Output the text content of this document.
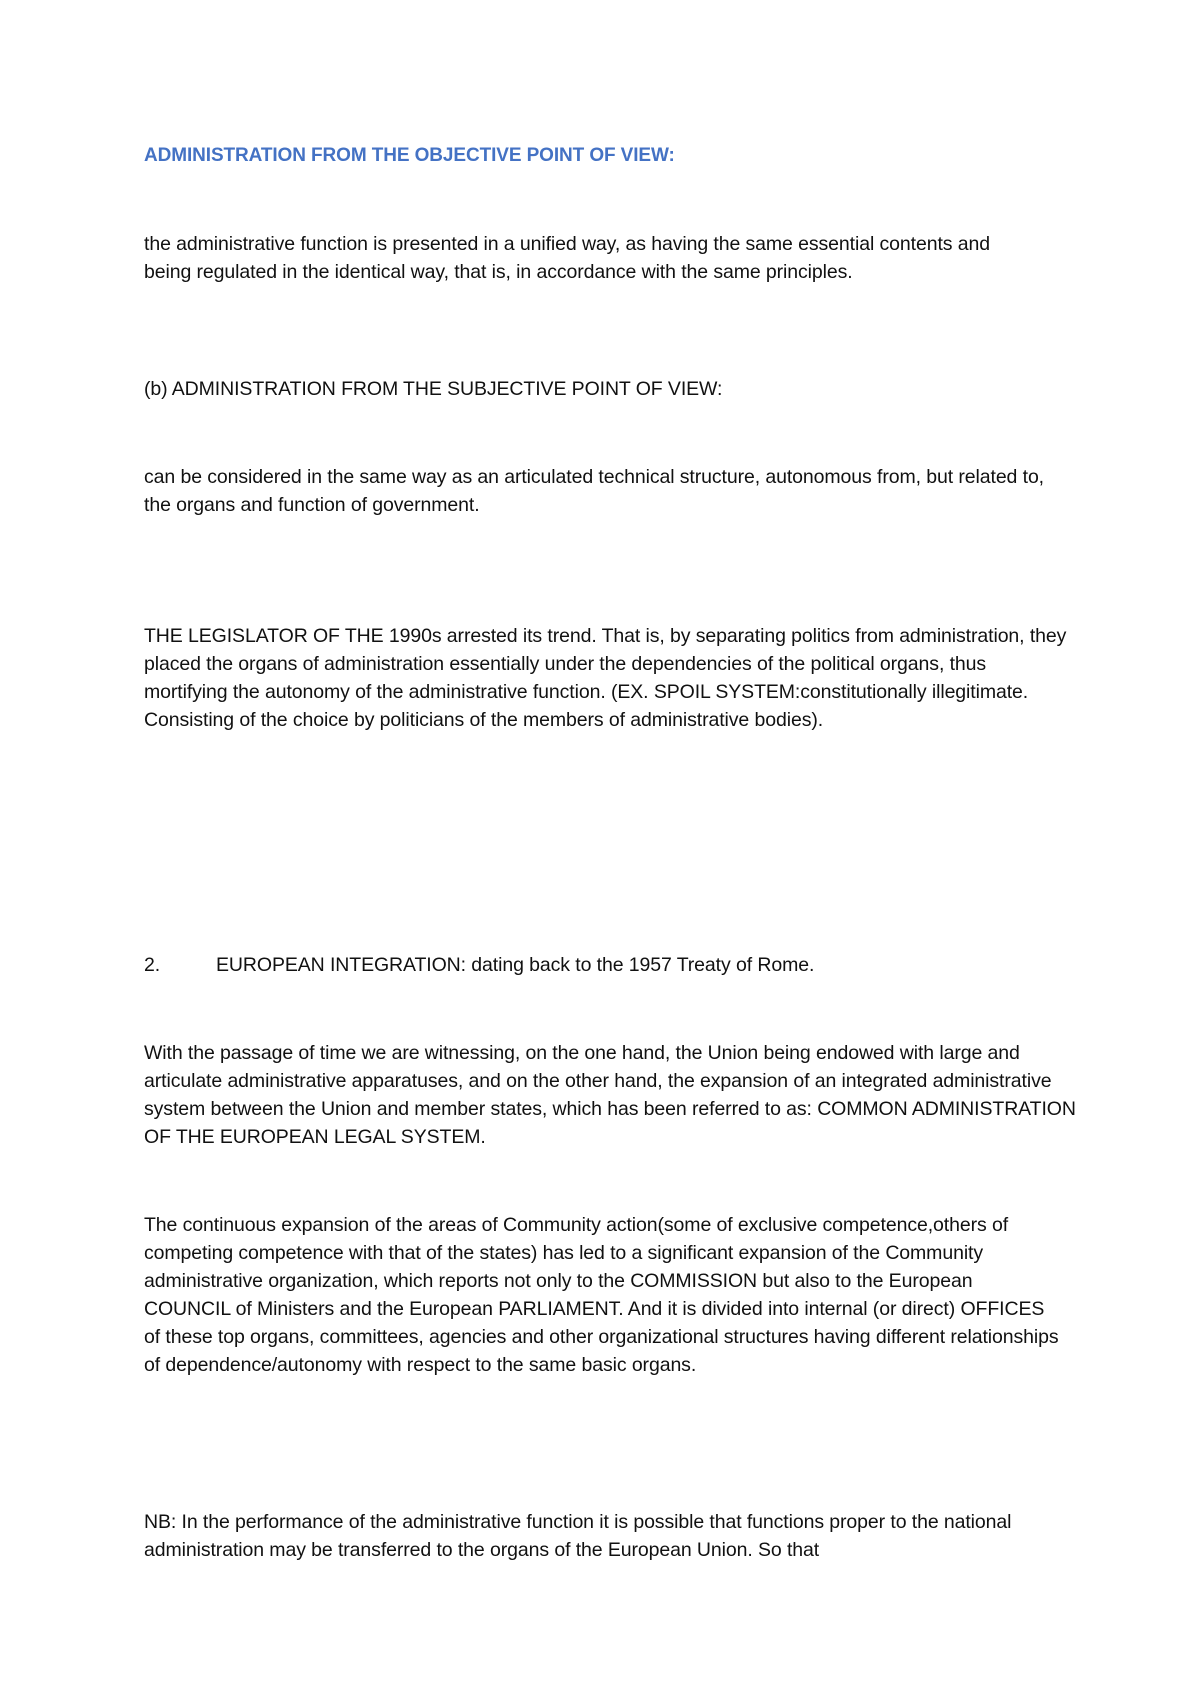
ADMINISTRATION FROM THE OBJECTIVE POINT OF VIEW:

the administrative function is presented in a unified way, as having the same essential contents and being regulated in the identical way, that is, in accordance with the same principles.

(b) ADMINISTRATION FROM THE SUBJECTIVE POINT OF VIEW:

can be considered in the same way as an articulated technical structure, autonomous from, but related to, the organs and function of government.

THE LEGISLATOR OF THE 1990s arrested its trend. That is, by separating politics from administration, they placed the organs of administration essentially under the dependencies of the political organs, thus mortifying the autonomy of the administrative function. (EX. SPOIL SYSTEM:constitutionally illegitimate. Consisting of the choice by politicians of the members of administrative bodies).

2.	EUROPEAN INTEGRATION: dating back to the 1957 Treaty of Rome.

With the passage of time we are witnessing, on the one hand, the Union being endowed with large and articulate administrative apparatuses, and on the other hand, the expansion of an integrated administrative system between the Union and member states, which has been referred to as: COMMON ADMINISTRATION OF THE EUROPEAN LEGAL SYSTEM.

The continuous expansion of the areas of Community action(some of exclusive competence,others of competing competence with that of the states) has led to a significant expansion of the Community administrative organization, which reports not only to the COMMISSION but also to the European COUNCIL of Ministers and the European PARLIAMENT. And it is divided into internal (or direct) OFFICES of these top organs, committees, agencies and other organizational structures having different relationships of dependence/autonomy with respect to the same basic organs.

NB: In the performance of the administrative function it is possible that functions proper to the national administration may be transferred to the organs of the European Union. So that
